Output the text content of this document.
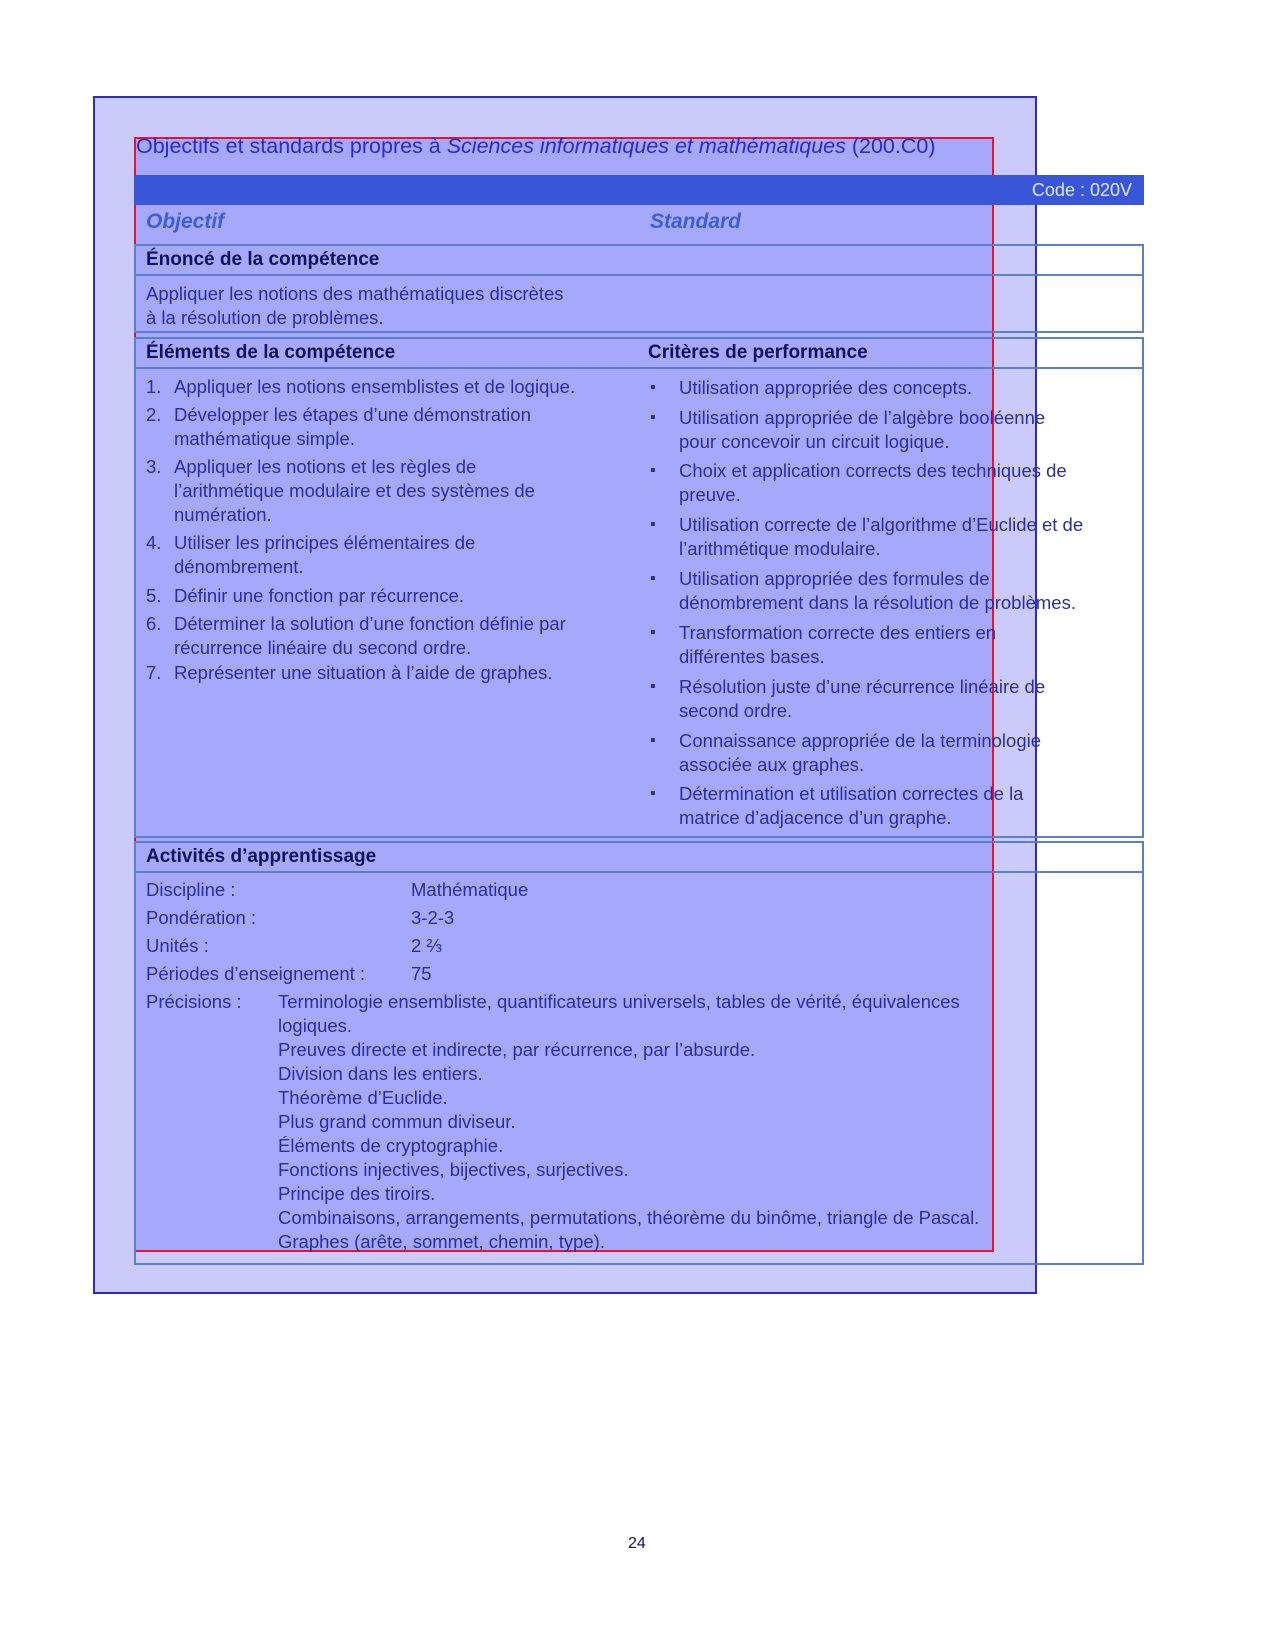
Objectifs et standards propres à Sciences informatiques et mathématiques (200.C0)
Code : 020V
Objectif	Standard
Énoncé de la compétence
Appliquer les notions des mathématiques discrètes
à la résolution de problèmes.
Éléments de la compétence	Critères de performance
1. Appliquer les notions ensemblistes et de logique.
2. Développer les étapes d’une démonstration
mathématique simple.
3. Appliquer les notions et les règles de
l’arithmétique modulaire et des systèmes de
numération.
4. Utiliser les principes élémentaires de
dénombrement.
5. Définir une fonction par récurrence.
6. Déterminer la solution d’une fonction définie par
récurrence linéaire du second ordre.
7. Représenter une situation à l’aide de graphes.
▪ Utilisation appropriée des concepts.
▪ Utilisation appropriée de l’algèbre booléenne
pour concevoir un circuit logique.
▪ Choix et application corrects des techniques de
preuve.
▪ Utilisation correcte de l’algorithme d’Euclide et de
l’arithmétique modulaire.
▪ Utilisation appropriée des formules de
dénombrement dans la résolution de problèmes.
▪ Transformation correcte des entiers en
différentes bases.
▪ Résolution juste d’une récurrence linéaire de
second ordre.
▪ Connaissance appropriée de la terminologie
associée aux graphes.
▪ Détermination et utilisation correctes de la
matrice d’adjacence d’un graphe.
Activités d’apprentissage
Discipline :	Mathématique
Pondération :	3-2-3
Unités :	2 ⅔
Périodes d’enseignement : 75
Précisions : Terminologie ensembliste, quantificateurs universels, tables de vérité, équivalences
logiques.
Preuves directe et indirecte, par récurrence, par l’absurde.
Division dans les entiers.
Théorème d’Euclide.
Plus grand commun diviseur.
Éléments de cryptographie.
Fonctions injectives, bijectives, surjectives.
Principe des tiroirs.
Combinaisons, arrangements, permutations, théorème du binôme, triangle de Pascal.
Graphes (arête, sommet, chemin, type).
24
